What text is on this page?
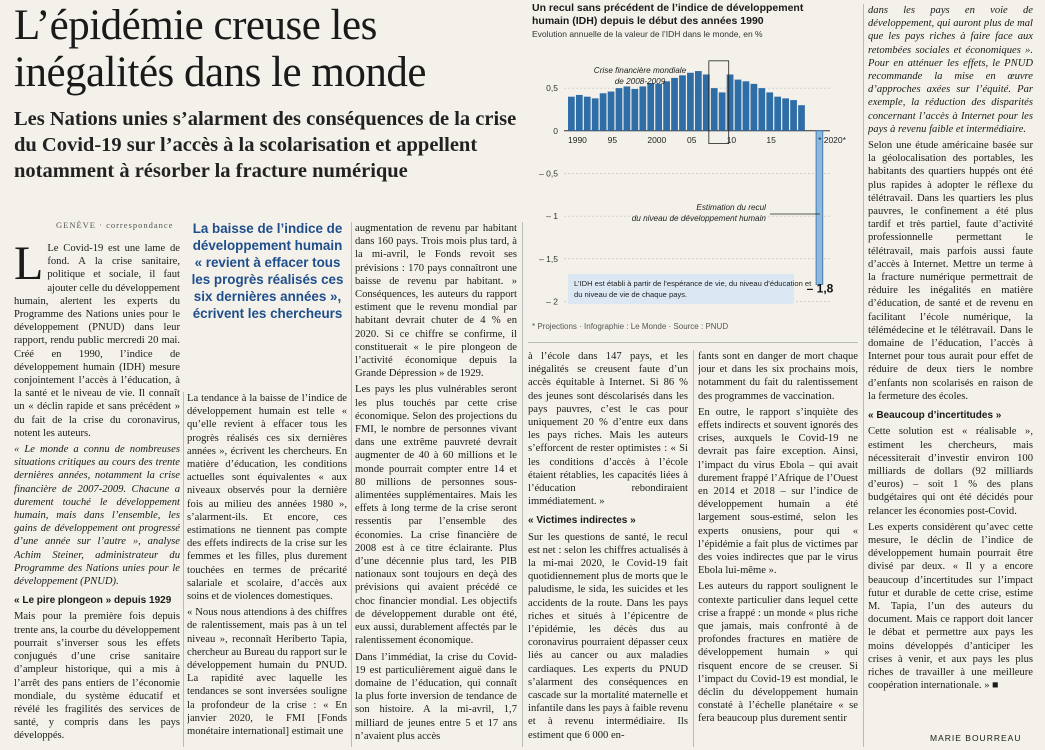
L’épidémie creuse les inégalités dans le monde
Les Nations unies s’alarment des conséquences de la crise du Covid-19 sur l’accès à la scolarisation et appellent notamment à résorber la fracture numérique
GENÈVE · correspondance
Un recul sans précédent de l’indice de développement humain (IDH) depuis le début des années 1990
Evolution annuelle de la valeur de l’IDH dans le monde, en %
0,5
0
– 0,5
– 1
– 1,5
– 2
1990 95	2000 05	10	15	* 2020*
Crise financière mondiale
de 2008-2009
Estimation du recul
du niveau de développement humain
L’IDH est établi à partir de l’espérance de vie, du niveau d’éducation et
du niveau de vie de chaque pays.	– 1,8
* Projections · Infographie : Le Monde · Source : PNUD

L Le Covid-19 est une lame de fond. A la crise sanitaire, politique et sociale, il faut ajouter celle du développement humain, alertent les experts du Programme des Nations unies pour le développement (PNUD) dans leur rapport, rendu public mercredi 20 mai. Créé en 1990, l’indice de développement humain (IDH) mesure conjointement l’accès à l’éducation, à la santé et le niveau de vie. Il connaît un « déclin rapide et sans précédent » du fait de la crise du coronavirus, notent les auteurs.

« Le monde a connu de nombreuses situations critiques au cours des trente dernières années, notamment la crise financière de 2007-2009. Chacune a durement touché le développement humain, mais dans l’ensemble, les gains de développement ont progressé d’une année sur l’autre », analyse Achim Steiner, administrateur du Programme des Nations unies pour le développement (PNUD).

« Le pire plongeon » depuis 1929

Mais pour la première fois depuis trente ans, la courbe du développement pourrait s’inverser sous les effets conjugués d’une crise sanitaire d’ampleur historique, qui a mis à l’arrêt des pans entiers de l’économie mondiale, du système éducatif et révélé les fragilités des services de santé, y compris dans les pays développés.

La baisse de l’indice de développement humain « revient à effacer tous les progrès réalisés ces six dernières années », écrivent les chercheurs

La tendance à la baisse de l’indice de développement humain est telle « qu’elle revient à effacer tous les progrès réalisés ces six dernières années », écrivent les chercheurs. En matière d’éducation, les conditions actuelles sont équivalentes « aux niveaux observés pour la dernière fois au milieu des années 1980 », s’alarment-ils. Et encore, ces estimations ne tiennent pas compte des effets indirects de la crise sur les femmes et les filles, plus durement touchées en termes de précarité salariale et scolaire, d’accès aux soins et de violences domestiques.

« Nous nous attendions à des chiffres de ralentissement, mais pas à un tel niveau », reconnaît Heriberto Tapia, chercheur au Bureau du rapport sur le développement humain du PNUD. La rapidité avec laquelle les tendances se sont inversées souligne la profondeur de la crise : « En janvier 2020, le FMI [Fonds monétaire international] estimait une

augmentation de revenu par habitant dans 160 pays. Trois mois plus tard, à la mi-avril, le Fonds revoit ses prévisions : 170 pays connaîtront une baisse de revenu par habitant. » Conséquences, les auteurs du rapport estiment que le revenu mondial par habitant devrait chuter de 4 % en 2020. Si ce chiffre se confirme, il constituerait « le pire plongeon de l’activité économique depuis la Grande Dépression » de 1929.

Les pays les plus vulnérables seront les plus touchés par cette crise économique. Selon des projections du FMI, le nombre de personnes vivant dans une extrême pauvreté devrait augmenter de 40 à 60 millions et le monde pourrait compter entre 14 et 80 millions de personnes sous-alimentées supplémentaires. Mais les effets à long terme de la crise seront ressentis par l’ensemble des économies. La crise financière de 2008 est à ce titre éclairante. Plus d’une décennie plus tard, les PIB nationaux sont toujours en deçà des prévisions qui avaient précédé ce choc financier mondial. Les objectifs de développement durable ont été, eux aussi, durablement affectés par le ralentissement économique.

Dans l’immédiat, la crise du Covid-19 est particulièrement aiguë dans le domaine de l’éducation, qui connaît la plus forte inversion de tendance de son histoire. A la mi-avril, 1,7 milliard de jeunes entre 5 et 17 ans n’avaient plus accès

à l’école dans 147 pays, et les inégalités se creusent faute d’un accès équitable à Internet. Si 86 % des jeunes sont déscolarisés dans les pays pauvres, c’est le cas pour uniquement 20 % d’entre eux dans les pays riches. Mais les auteurs s’efforcent de rester optimistes : « Si les conditions d’accès à l’école étaient rétablies, les capacités liées à l’éducation rebondiraient immédiatement. »

« Victimes indirectes »

Sur les questions de santé, le recul est net : selon les chiffres actualisés à la mi-mai 2020, le Covid-19 fait quotidiennement plus de morts que le paludisme, le sida, les suicides et les accidents de la route. Dans les pays riches et situés à l’épicentre de l’épidémie, les décès dus au coronavirus pourraient dépasser ceux liés au cancer ou aux maladies cardiaques. Les experts du PNUD s’alarment des conséquences en cascade sur la mortalité maternelle et infantile dans les pays à faible revenu et à revenu intermédiaire. Ils estiment que 6 000 en-

fants sont en danger de mort chaque jour et dans les six prochains mois, notamment du fait du ralentissement des programmes de vaccination.

En outre, le rapport s’inquiète des effets indirects et souvent ignorés des crises, auxquels le Covid-19 ne devrait pas faire exception. Ainsi, l’impact du virus Ebola – qui avait durement frappé l’Afrique de l’Ouest en 2014 et 2018 – sur l’indice de développement humain a été largement sous-estimé, selon les experts onusiens, pour qui « l’épidémie a fait plus de victimes par des voies indirectes que par le virus Ebola lui-même ».

Les auteurs du rapport soulignent le contexte particulier dans lequel cette crise a frappé : un monde « plus riche que jamais, mais confronté à de profondes fractures en matière de développement humain » qui risquent encore de se creuser. Si l’impact du Covid-19 est mondial, le déclin du développement humain constaté à l’échelle planétaire « se fera beaucoup plus durement sentir

dans les pays en voie de développement, qui auront plus de mal que les pays riches à faire face aux retombées sociales et économiques ». Pour en atténuer les effets, le PNUD recommande la mise en œuvre d’approches axées sur l’équité. Par exemple, la réduction des disparités concernant l’accès à Internet pour les pays à revenu faible et intermédiaire.

Selon une étude américaine basée sur la géolocalisation des portables, les habitants des quartiers huppés ont été plus rapides à adopter le réflexe du télétravail. Dans les quartiers les plus pauvres, le confinement a été plus tardif et très partiel, faute d’activité professionnelle permettant le télétravail, mais parfois aussi faute d’accès à Internet. Mettre un terme à la fracture numérique permettrait de réduire les inégalités en matière d’éducation, de santé et de revenu en facilitant l’école numérique, la télémédecine et le télétravail. Dans le domaine de l’éducation, l’accès à Internet pour tous aurait pour effet de réduire de deux tiers le nombre d’enfants non scolarisés en raison de la fermeture des écoles.

« Beaucoup d’incertitudes »

Cette solution est « réalisable », estiment les chercheurs, mais nécessiterait d’investir environ 100 milliards de dollars (92 milliards d’euros) – soit 1 % des plans budgétaires qui ont été décidés pour relancer les économies post-Covid.

Les experts considèrent qu’avec cette mesure, le déclin de l’indice de développement humain pourrait être divisé par deux. « Il y a encore beaucoup d’incertitudes sur l’impact futur et durable de cette crise, estime M. Tapia, l’un des auteurs du document. Mais ce rapport doit lancer le débat et permettre aux pays les moins développés d’anticiper les crises à venir, et aux pays les plus riches de travailler à une meilleure coopération internationale. » ■

MARIE BOURREAU
